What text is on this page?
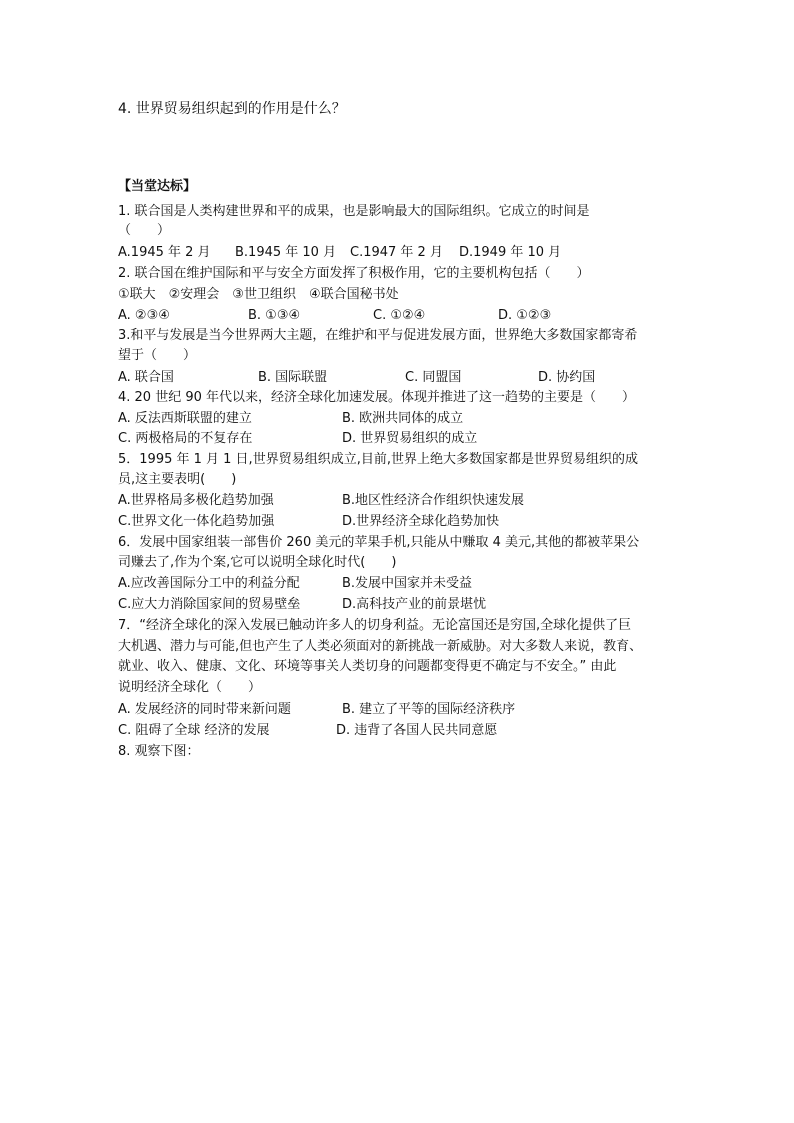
4. 世界贸易组织起到的作用是什么？
【当堂达标】
1. 联合国是人类构建世界和平的成果，也是影响最大的国际组织。它成立的时间是
（　　）
A.1945 年 2 月 B.1945 年 10 月 C.1947 年 2 月 D.1949 年 10 月
2. 联合国在维护国际和平与安全方面发挥了积极作用，它的主要机构包括（　　）
①联大　②安理会　③世卫组织　④联合国秘书处
A. ②③④	B. ①③④	C. ①②④	D. ①②③
3.和平与发展是当今世界两大主题，在维护和平与促进发展方面，世界绝大多数国家都寄希
望于（　　）
A. 联合国	B. 国际联盟	C. 同盟国	D. 协约国
4. 20 世纪 90 年代以来，经济全球化加速发展。体现并推进了这一趋势的主要是（　　）
A. 反法西斯联盟的建立	B. 欧洲共同体的成立
C. 两极格局的不复存在	D. 世界贸易组织的成立
5．1995 年 1 月 1 日,世界贸易组织成立,目前,世界上绝大多数国家都是世界贸易组织的成
员,这主要表明(　　)
A.世界格局多极化趋势加强	B.地区性经济合作组织快速发展
C.世界文化一体化趋势加强	D.世界经济全球化趋势加快
6．发展中国家组装一部售价 260 美元的苹果手机,只能从中赚取 4 美元,其他的都被苹果公
司赚去了,作为个案,它可以说明全球化时代(　　)
A.应改善国际分工中的利益分配	B.发展中国家并未受益
C.应大力消除国家间的贸易壁垒	D.高科技产业的前景堪忧
7．“经济全球化的深入发展已触动许多人的切身利益。无论富国还是穷国,全球化提供了巨
大机遇、潜力与可能,但也产生了人类必须面对的新挑战一新威胁。对大多数人来说，教育、
就业、收入、健康、文化、环境等事关人类切身的问题都变得更不确定与不安全。” 由此
说明经济全球化（　　）
A. 发展经济的同时带来新问题	B. 建立了平等的国际经济秩序
C. 阻碍了全球 经济的发展	D. 违背了各国人民共同意愿
8. 观察下图：
